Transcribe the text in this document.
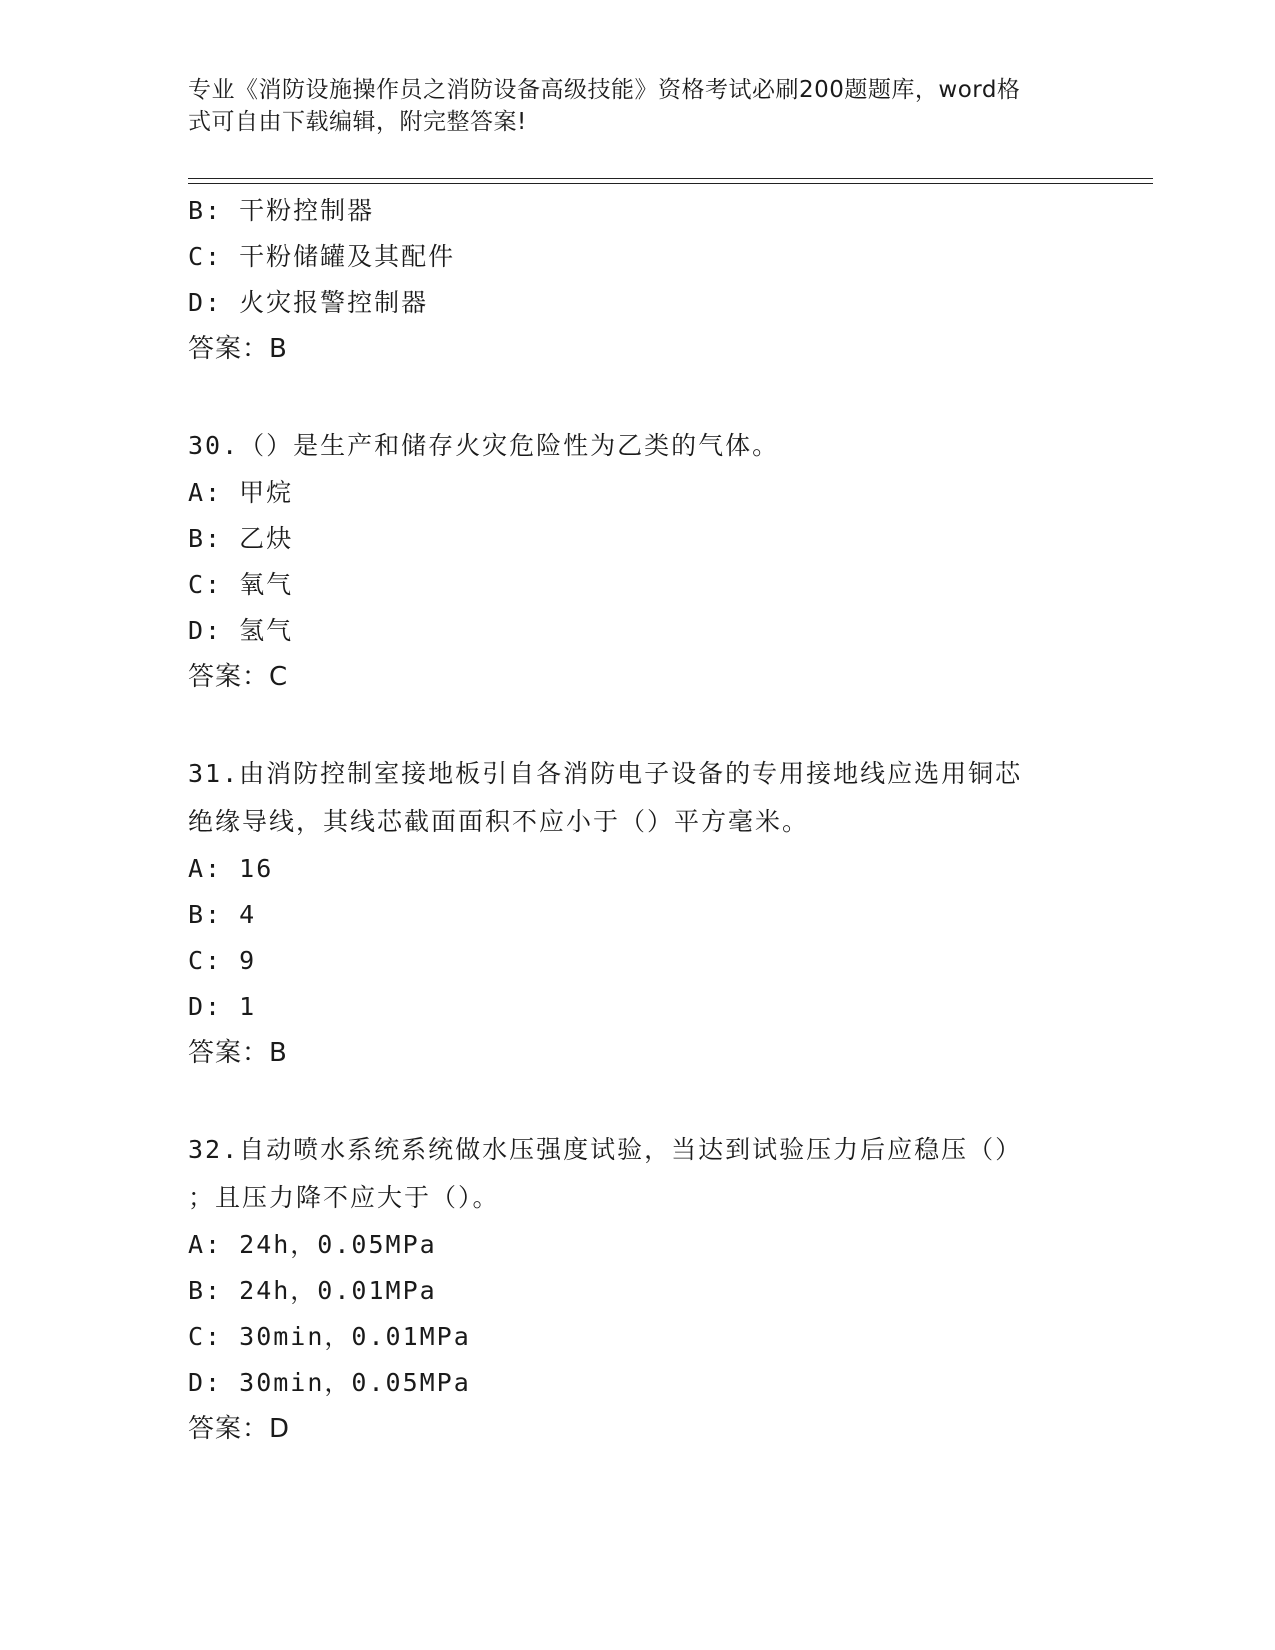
专业《消防设施操作员之消防设备高级技能》资格考试必刷200题题库，word格
式可自由下载编辑，附完整答案!
B: 干粉控制器
C: 干粉储罐及其配件
D: 火灾报警控制器
答案：B
30.（）是生产和储存火灾危险性为乙类的气体。
A: 甲烷
B: 乙炔
C: 氧气
D: 氢气
答案：C
31.由消防控制室接地板引自各消防电子设备的专用接地线应选用铜芯
绝缘导线，其线芯截面面积不应小于（）平方毫米。
A: 16
B: 4
C: 9
D: 1
答案：B
32.自动喷水系统系统做水压强度试验，当达到试验压力后应稳压（）
；且压力降不应大于（）。
A: 24h，0.05MPa
B: 24h，0.01MPa
C: 30min，0.01MPa
D: 30min，0.05MPa
答案：D
